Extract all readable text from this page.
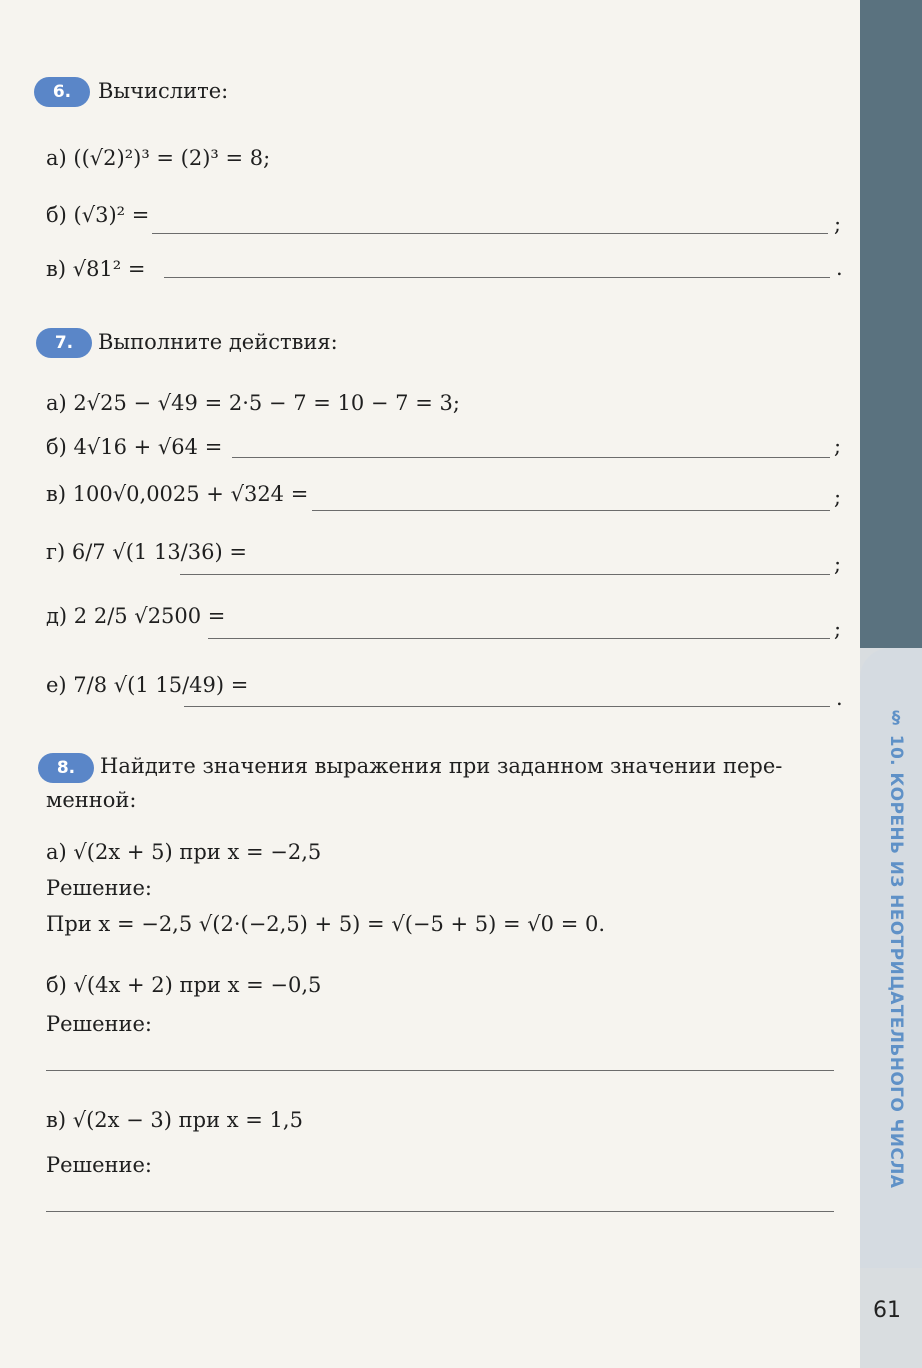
§ 10. КОРЕНЬ ИЗ НЕОТРИЦАТЕЛЬНОГО ЧИСЛА
61
6.	Вычислите:
а) ((√2)²)³ = (2)³ = 8;
б) (√3)² =	;
в) √81² =	.
7.	Выполните действия:
а) 2√25 − √49 = 2·5 − 7 = 10 − 7 = 3;
б) 4√16 + √64 =	;
в) 100√0,0025 + √324 =	;
г) 6/7 √(1 13/36) =	;
д) 2 2/5 √2500 =
;
е) 7/8 √(1 15/49) =
.
8.	Найдите значения выражения при заданном значении пере-
менной:
а) √(2x + 5) при x = −2,5
Решение:
При x = −2,5 √(2·(−2,5) + 5) = √(−5 + 5) = √0 = 0.
б) √(4x + 2) при x = −0,5
Решение:
в) √(2x − 3) при x = 1,5
Решение:
